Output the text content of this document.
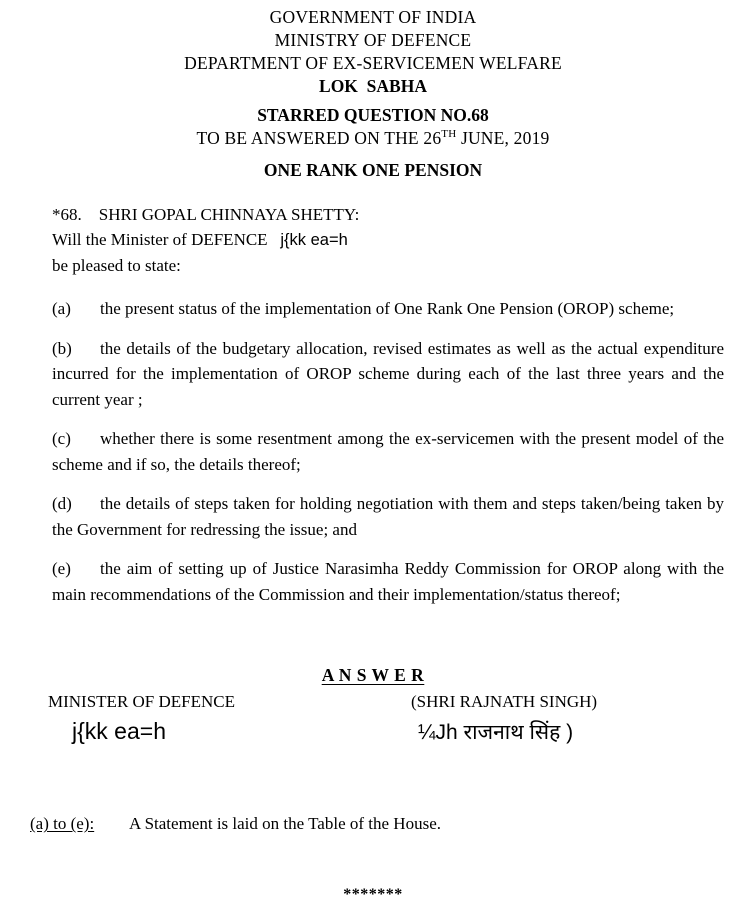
GOVERNMENT OF INDIA
MINISTRY OF DEFENCE
DEPARTMENT OF EX-SERVICEMEN WELFARE
LOK  SABHA
STARRED QUESTION NO.68
TO BE ANSWERED ON THE 26TH JUNE, 2019
ONE RANK ONE PENSION
*68.    SHRI GOPAL CHINNAYA SHETTY:
Will the Minister of DEFENCE   j{kk ea=h
be pleased to state:

(a) the present status of the implementation of One Rank One Pension (OROP) scheme;

(b) the details of the budgetary allocation, revised estimates as well as the actual expenditure incurred for the implementation of OROP scheme during each of the last three years and the current year ;

(c) whether there is some resentment among the ex-servicemen with the present model of the scheme and if so, the details thereof;

(d) the details of steps taken for holding negotiation with them and steps taken/being taken by the Government for redressing the issue; and

(e) the aim of setting up of Justice Narasimha Reddy Commission for OROP along with the main recommendations of the Commission and their implementation/status thereof;

A N S W E R
MINISTER OF DEFENCE	(SHRI RAJNATH SINGH)
j{kk ea=h	¼Jh राजनाथ सिंह )
(a) to (e): A Statement is laid on the Table of the House.
*******
